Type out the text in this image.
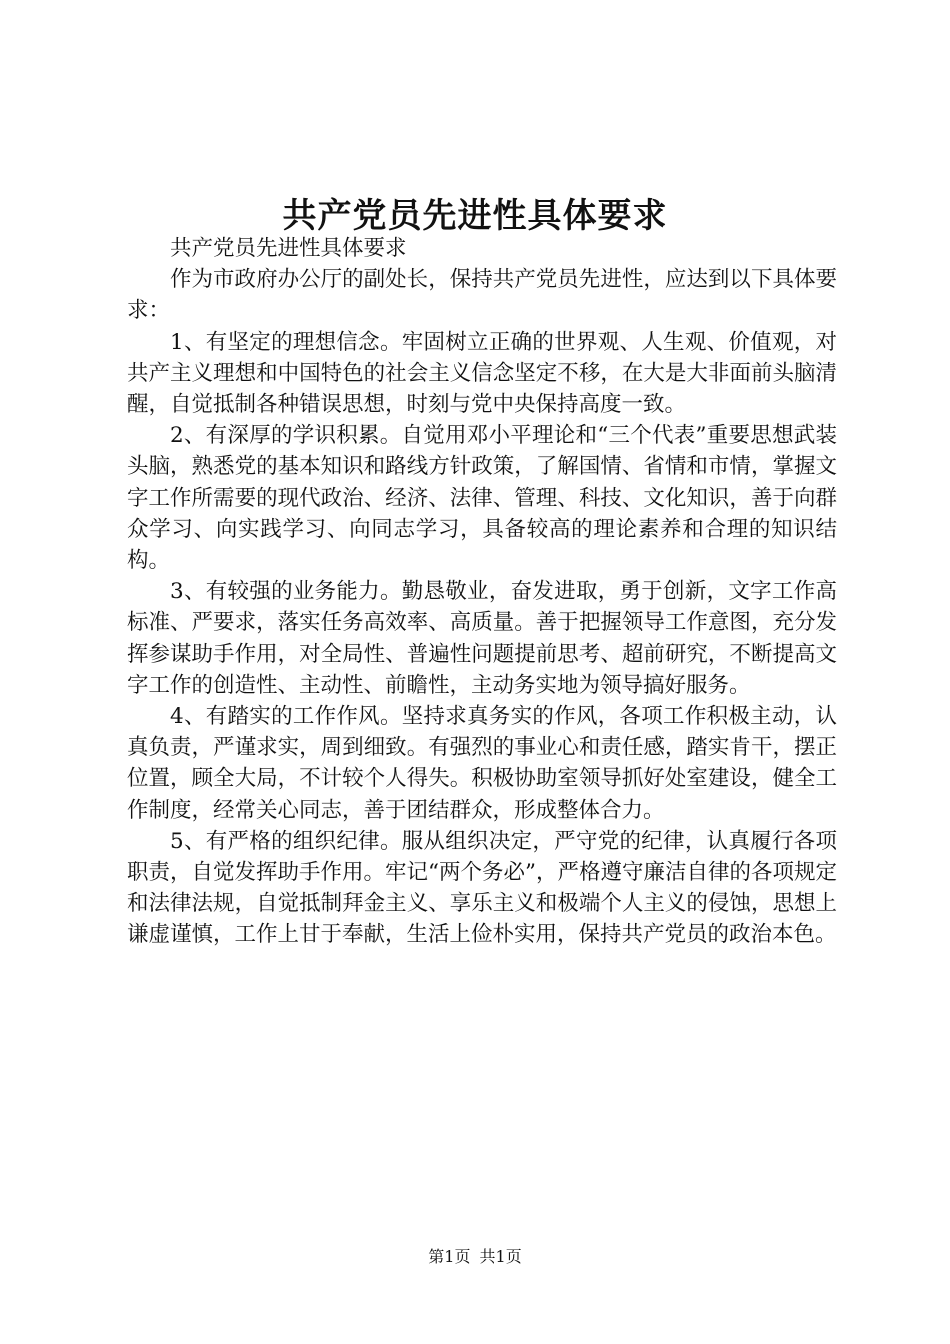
共产党员先进性具体要求

共产党员先进性具体要求

作为市政府办公厅的副处长，保持共产党员先进性，应达到以下具体要求：

1、有坚定的理想信念。牢固树立正确的世界观、人生观、价值观，对共产主义理想和中国特色的社会主义信念坚定不移，在大是大非面前头脑清醒，自觉抵制各种错误思想，时刻与党中央保持高度一致。

2、有深厚的学识积累。自觉用邓小平理论和“三个代表”重要思想武装头脑，熟悉党的基本知识和路线方针政策，了解国情、省情和市情，掌握文字工作所需要的现代政治、经济、法律、管理、科技、文化知识，善于向群众学习、向实践学习、向同志学习，具备较高的理论素养和合理的知识结构。

3、有较强的业务能力。勤恳敬业，奋发进取，勇于创新，文字工作高标准、严要求，落实任务高效率、高质量。善于把握领导工作意图，充分发挥参谋助手作用，对全局性、普遍性问题提前思考、超前研究，不断提高文字工作的创造性、主动性、前瞻性，主动务实地为领导搞好服务。

4、有踏实的工作作风。坚持求真务实的作风，各项工作积极主动，认真负责，严谨求实，周到细致。有强烈的事业心和责任感，踏实肯干，摆正位置，顾全大局，不计较个人得失。积极协助室领导抓好处室建设，健全工作制度，经常关心同志，善于团结群众，形成整体合力。

5、有严格的组织纪律。服从组织决定，严守党的纪律，认真履行各项职责，自觉发挥助手作用。牢记“两个务必”，严格遵守廉洁自律的各项规定和法律法规，自觉抵制拜金主义、享乐主义和极端个人主义的侵蚀，思想上谦虚谨慎，工作上甘于奉献，生活上俭朴实用，保持共产党员的政治本色。

第1页 共1页
